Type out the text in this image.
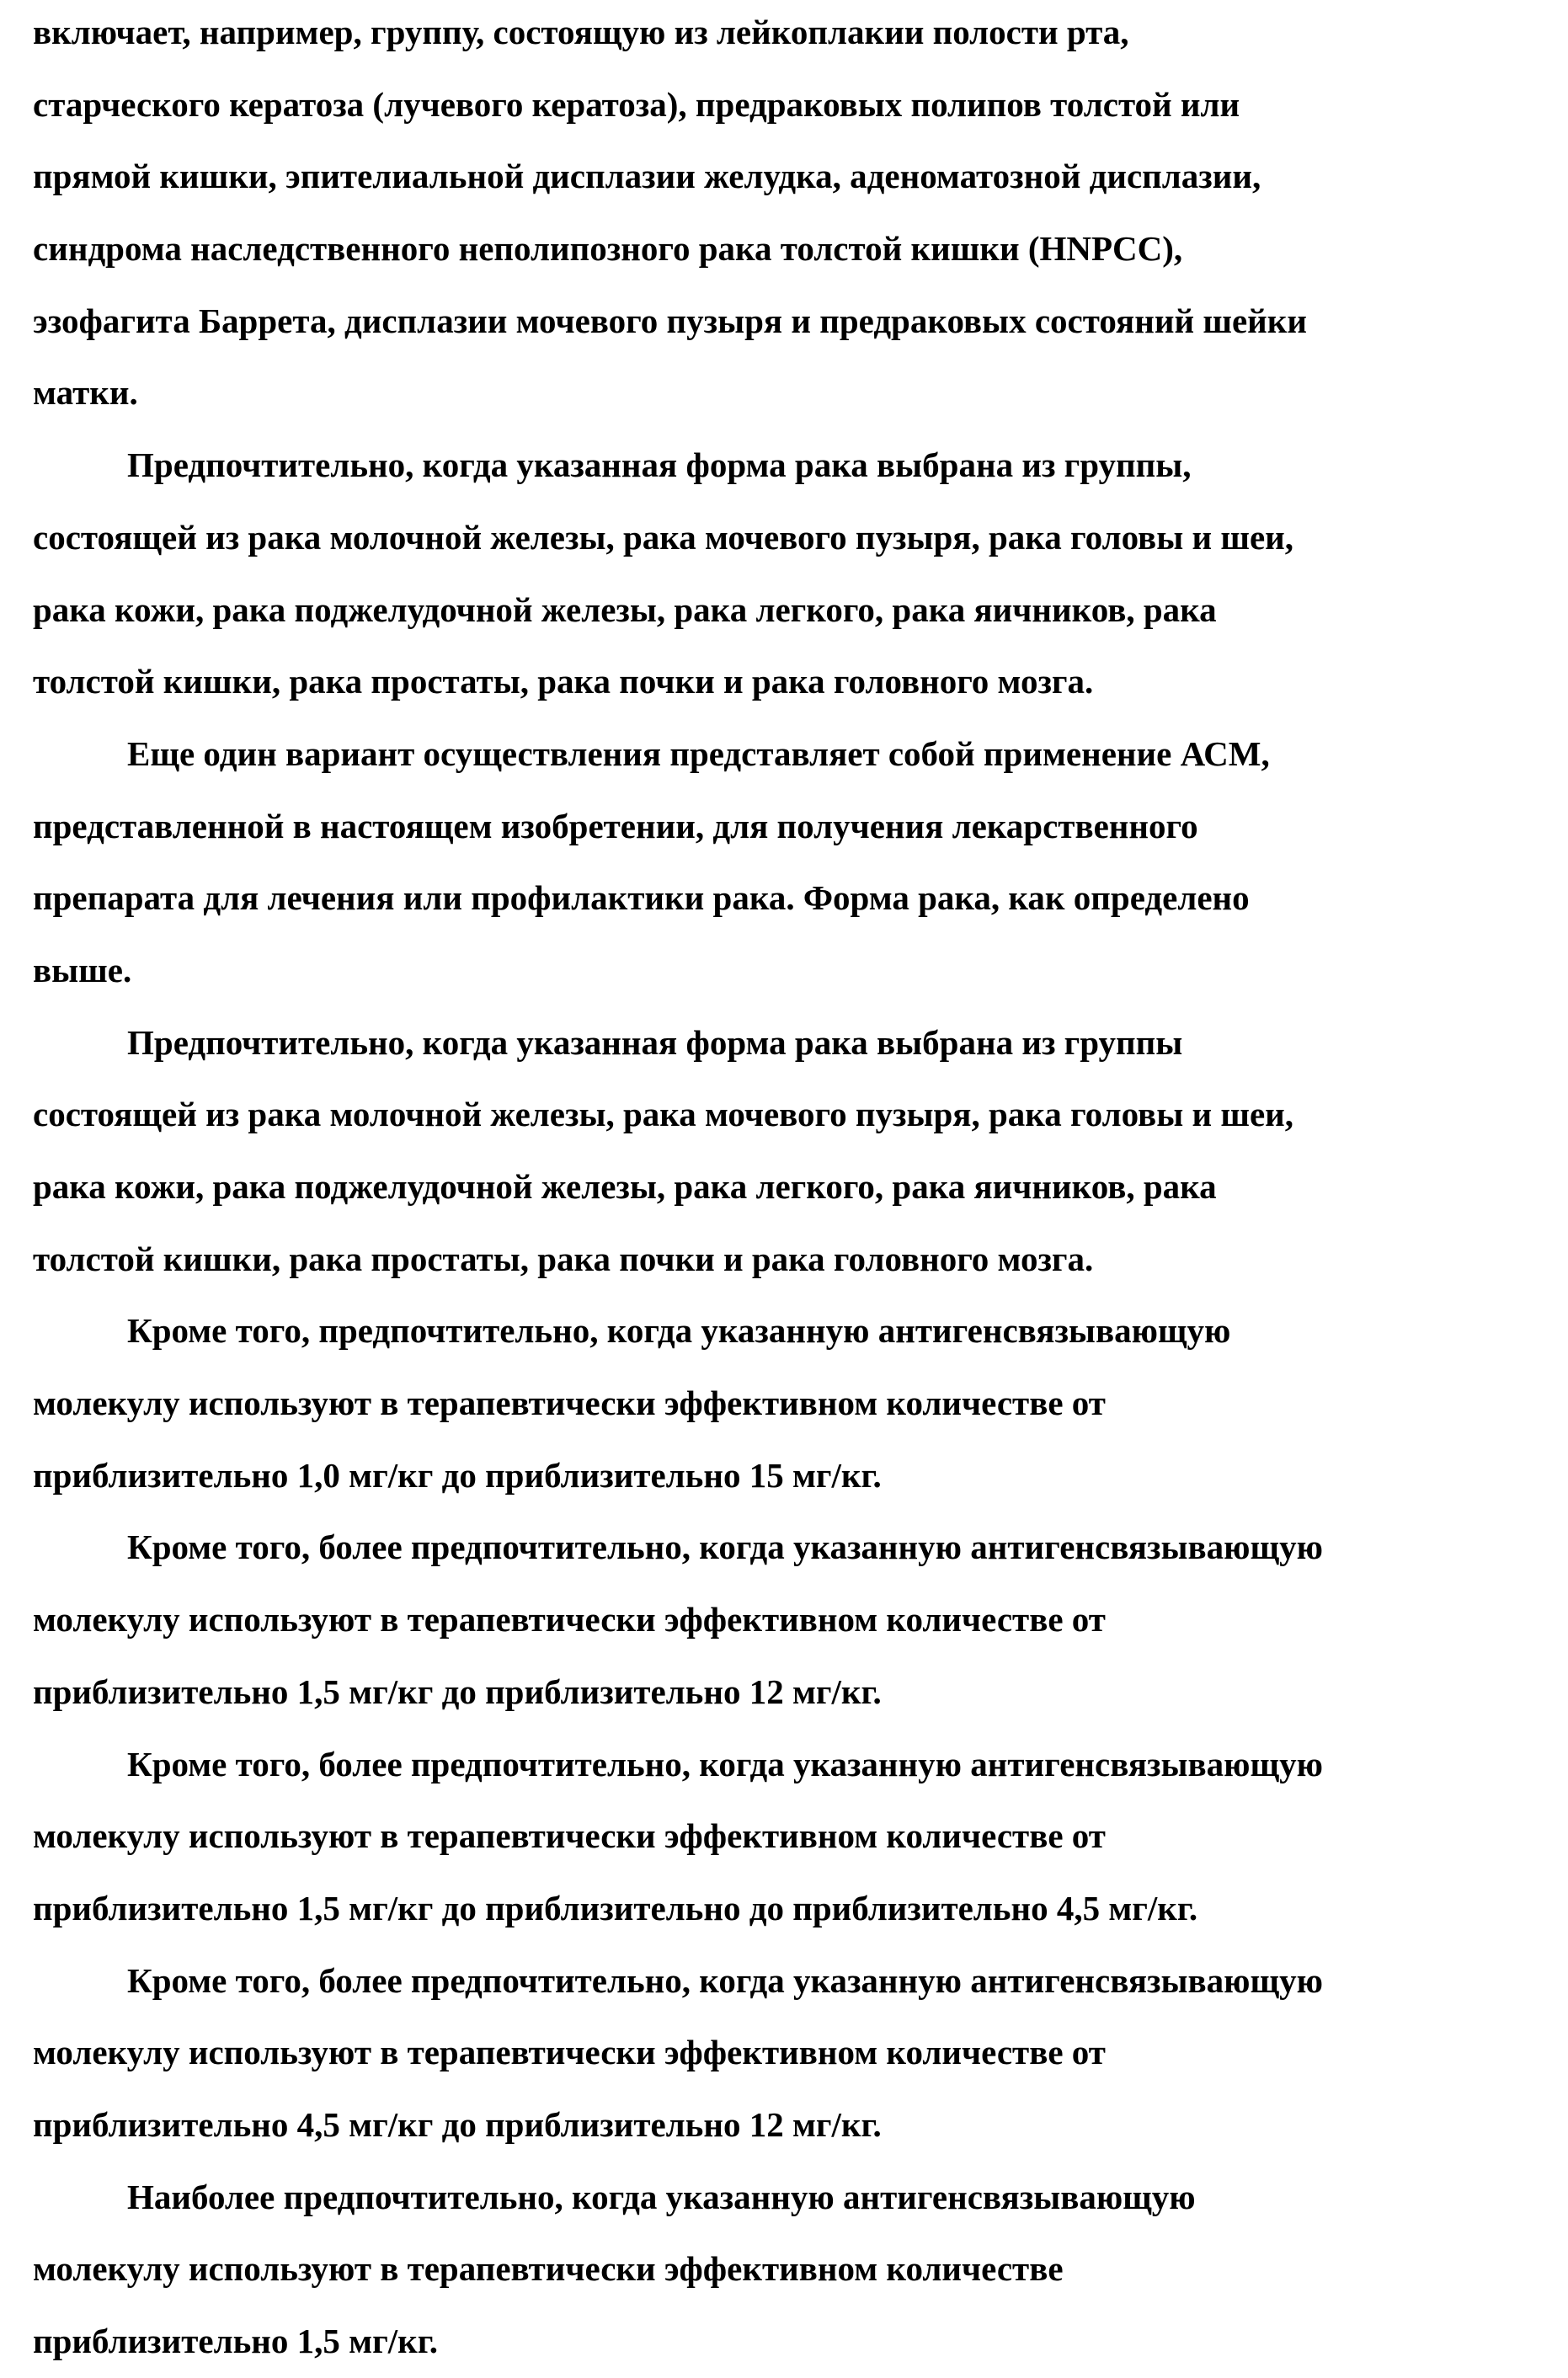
включает, например, группу, состоящую из лейкоплакии полости рта,
старческого кератоза (лучевого кератоза), предраковых полипов толстой или
прямой кишки, эпителиальной дисплазии желудка, аденоматозной дисплазии,
синдрома наследственного неполипозного рака толстой кишки (HNPCC),
эзофагита Баррета, дисплазии мочевого пузыря и предраковых состояний шейки
матки.
Предпочтительно, когда указанная форма рака выбрана из группы,
состоящей из рака молочной железы, рака мочевого пузыря, рака головы и шеи,
рака кожи, рака поджелудочной железы, рака легкого, рака яичников, рака
толстой кишки, рака простаты, рака почки и рака головного мозга.
Еще один вариант осуществления представляет собой применение АСМ,
представленной в настоящем изобретении, для получения лекарственного
препарата для лечения или профилактики рака. Форма рака, как определено
выше.
Предпочтительно, когда указанная форма рака выбрана из группы
состоящей из рака молочной железы, рака мочевого пузыря, рака головы и шеи,
рака кожи, рака поджелудочной железы, рака легкого, рака яичников, рака
толстой кишки, рака простаты, рака почки и рака головного мозга.
Кроме того, предпочтительно, когда указанную антигенсвязывающую
молекулу используют в терапевтически эффективном количестве от
приблизительно 1,0 мг/кг до приблизительно 15 мг/кг.
Кроме того, более предпочтительно, когда указанную антигенсвязывающую
молекулу используют в терапевтически эффективном количестве от
приблизительно 1,5 мг/кг до приблизительно 12 мг/кг.
Кроме того, более предпочтительно, когда указанную антигенсвязывающую
молекулу используют в терапевтически эффективном количестве от
приблизительно 1,5 мг/кг до приблизительно до приблизительно 4,5 мг/кг.
Кроме того, более предпочтительно, когда указанную антигенсвязывающую
молекулу используют в терапевтически эффективном количестве от
приблизительно 4,5 мг/кг до приблизительно 12 мг/кг.
Наиболее предпочтительно, когда указанную антигенсвязывающую
молекулу используют в терапевтически эффективном количестве
приблизительно 1,5 мг/кг.
